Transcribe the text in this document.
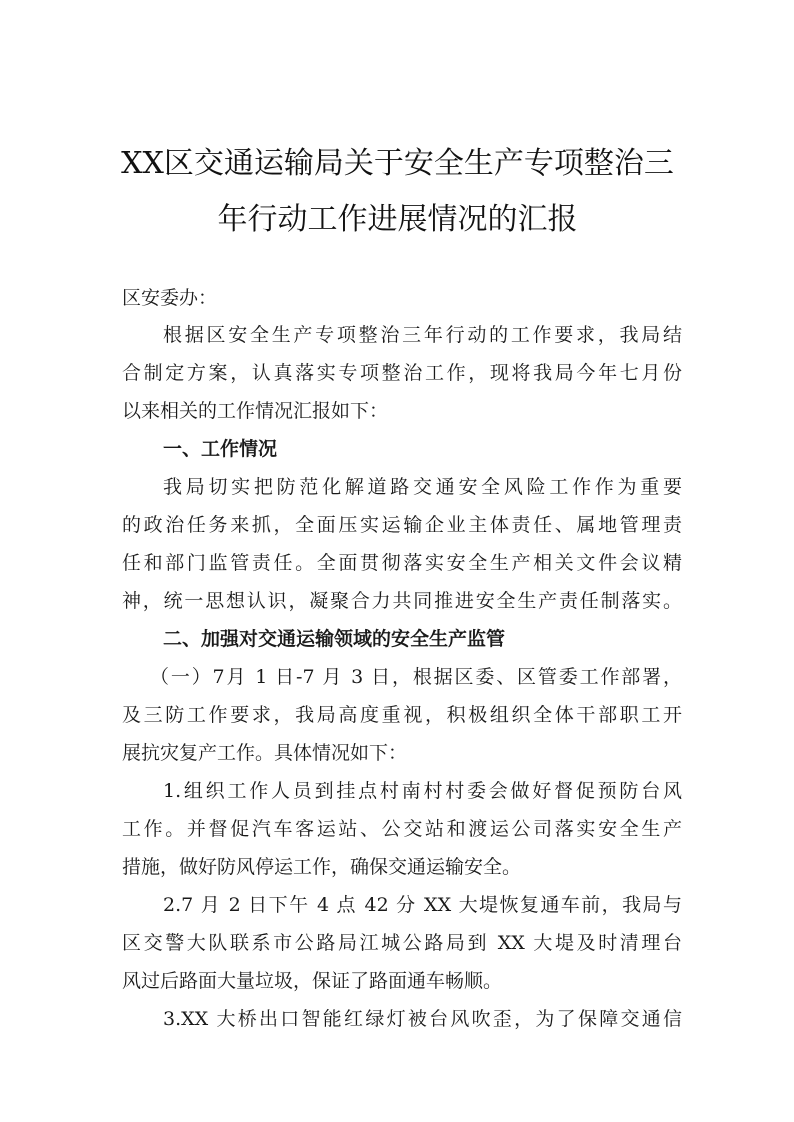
XX区交通运输局关于安全生产专项整治三
年行动工作进展情况的汇报
区安委办：
根据区安全生产专项整治三年行动的工作要求，我局结
合制定方案，认真落实专项整治工作，现将我局今年七月份
以来相关的工作情况汇报如下：
一、工作情况
我局切实把防范化解道路交通安全风险工作作为重要
的政治任务来抓，全面压实运输企业主体责任、属地管理责
任和部门监管责任。全面贯彻落实安全生产相关文件会议精
神，统一思想认识，凝聚合力共同推进安全生产责任制落实。
二、加强对交通运输领域的安全生产监管
（一）7月 1 日-7 月 3 日，根据区委、区管委工作部署，
及三防工作要求，我局高度重视，积极组织全体干部职工开
展抗灾复产工作。具体情况如下：
1.组织工作人员到挂点村南村村委会做好督促预防台风
工作。并督促汽车客运站、公交站和渡运公司落实安全生产
措施，做好防风停运工作，确保交通运输安全。
2.7 月 2 日下午 4 点 42 分 XX 大堤恢复通车前，我局与
区交警大队联系市公路局江城公路局到 XX 大堤及时清理台
风过后路面大量垃圾，保证了路面通车畅顺。
3.XX 大桥出口智能红绿灯被台风吹歪，为了保障交通信
